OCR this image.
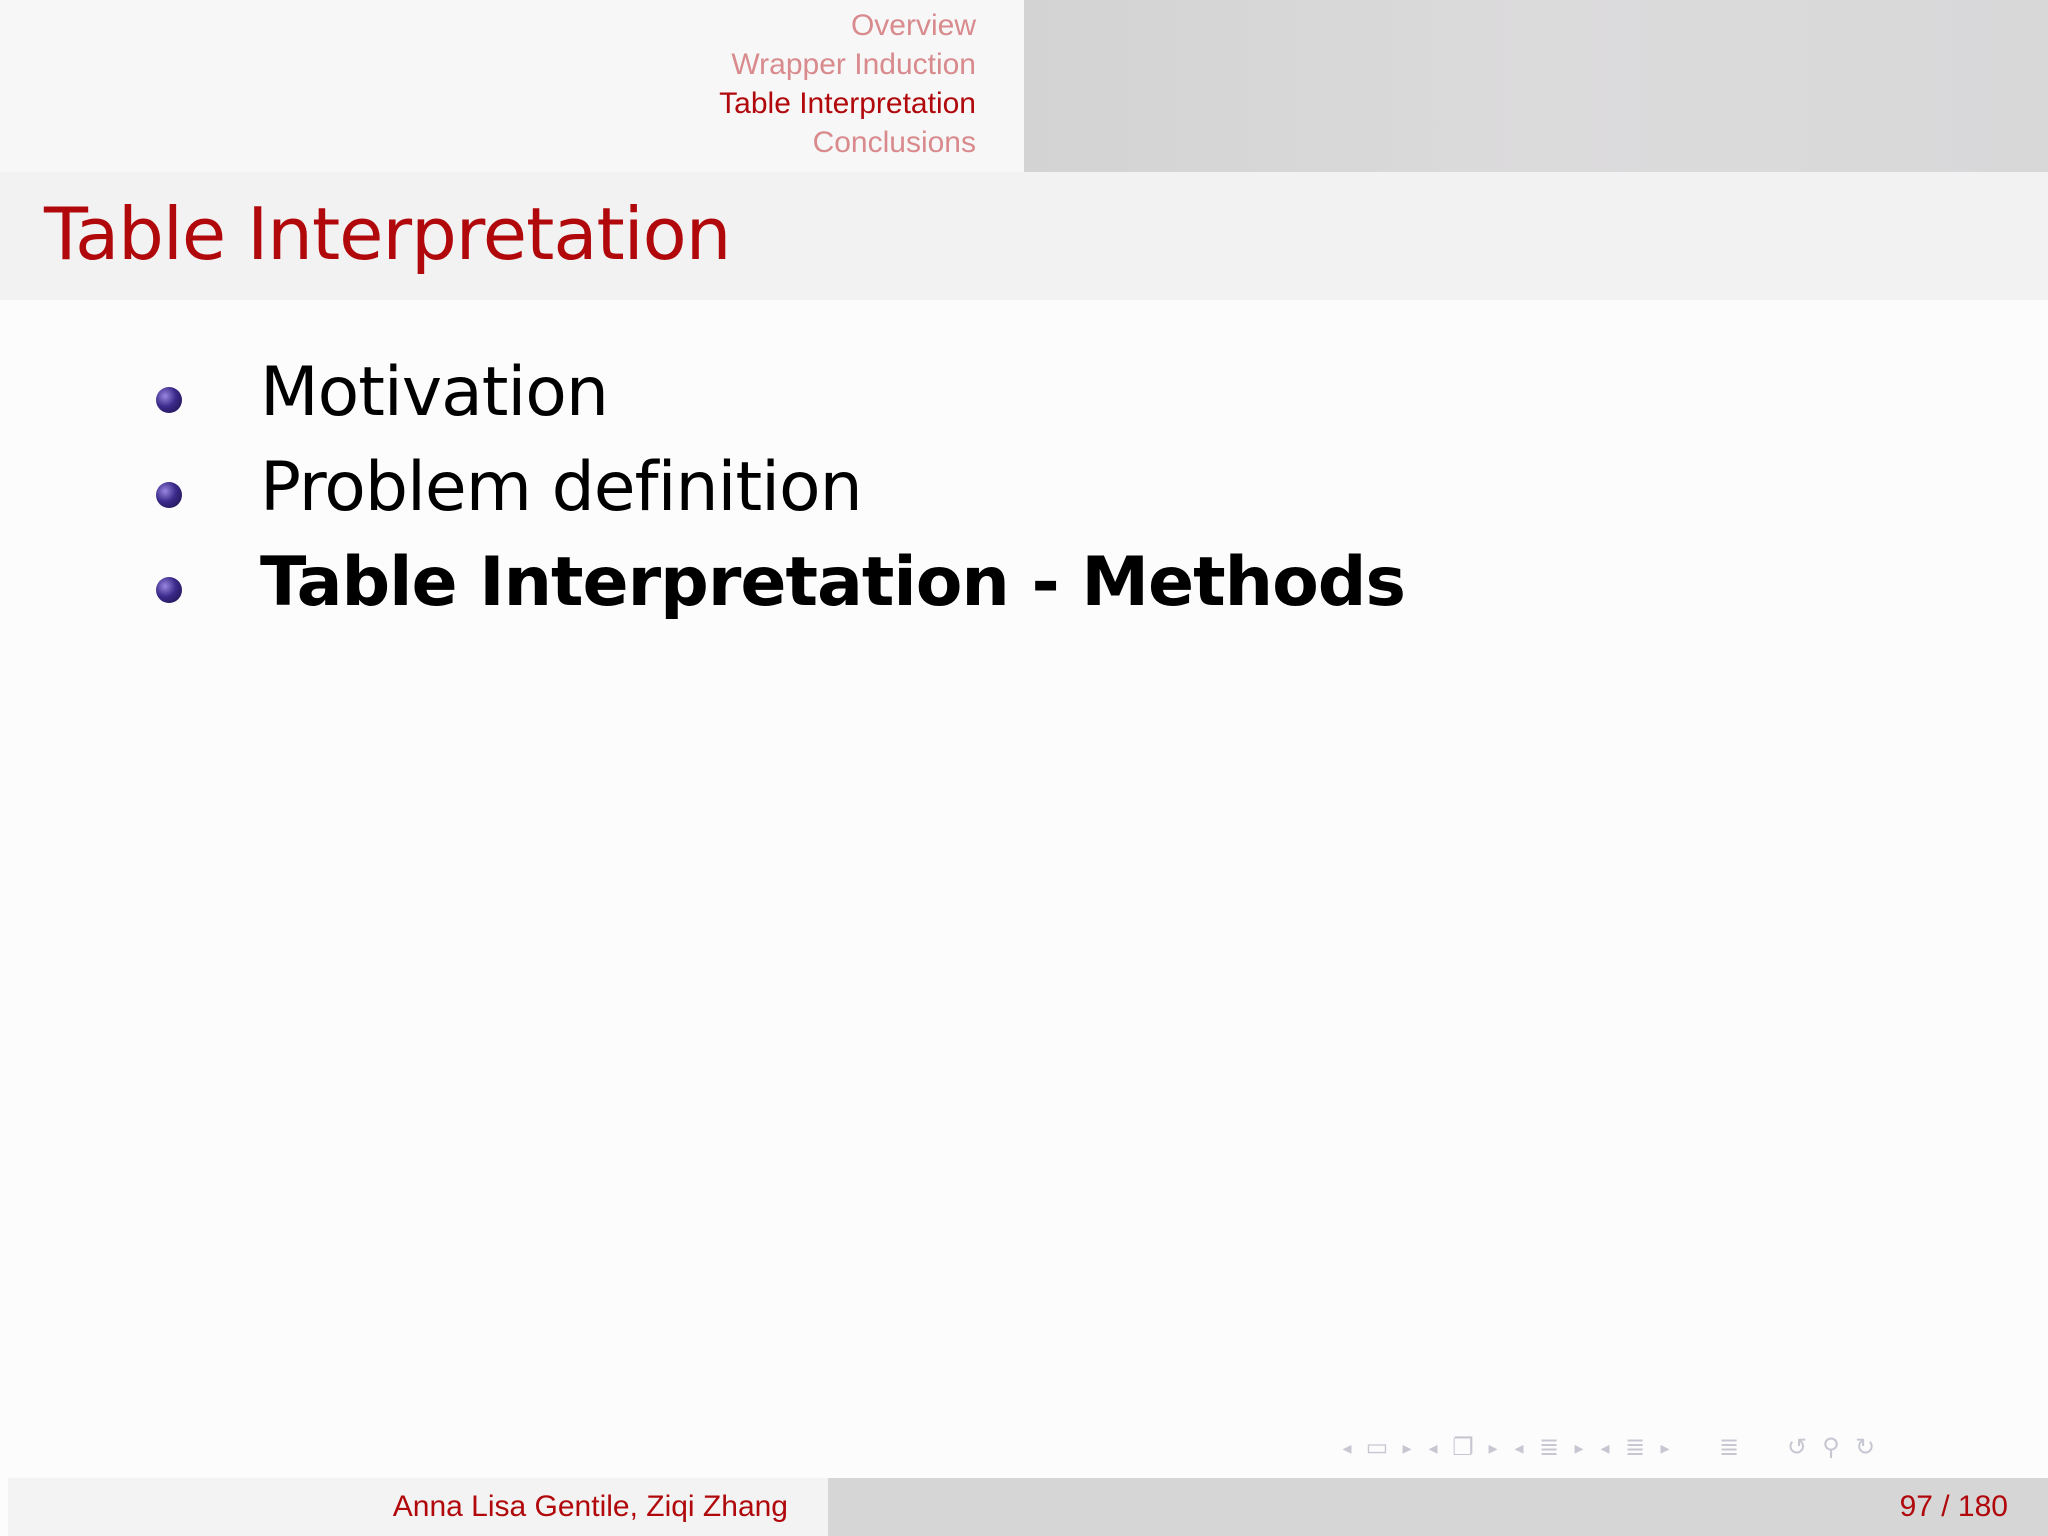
Overview
Wrapper Induction
Table Interpretation
Conclusions
Table Interpretation
Motivation
Problem definition
Table Interpretation - Methods
◂ ▭ ▸ ◂ ❐ ▸ ◂ ≣ ▸ ◂ ≣ ▸	≣ ↺ ⚲ ↻
Anna Lisa Gentile, Ziqi Zhang	97 / 180
